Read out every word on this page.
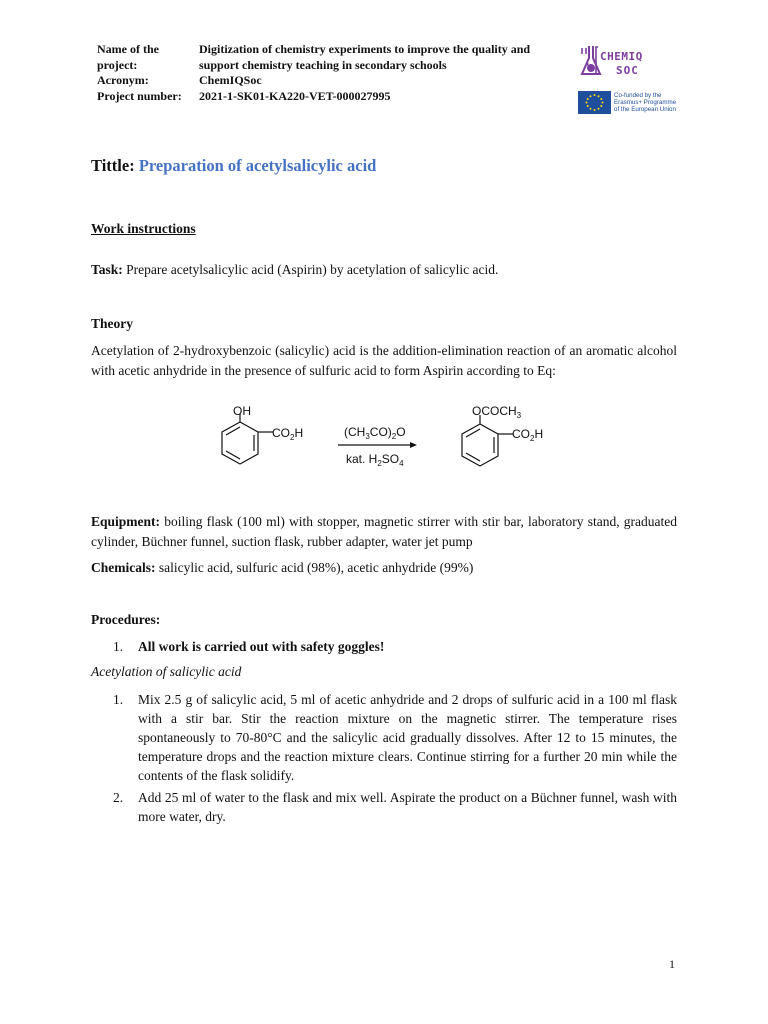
Name of the project:
Digitization of chemistry experiments to improve the quality and support chemistry teaching in secondary schools
Acronym:	ChemIQSoc
Project number:	2021-1-SK01-KA220-VET-000027995
CHEMIQ
SOC
Co-funded by the
Erasmus+ Programme
of the European Union
Tittle: Preparation of acetylsalicylic acid
Work instructions
Task: Prepare acetylsalicylic acid (Aspirin) by acetylation of salicylic acid.
Theory
Acetylation of 2-hydroxybenzoic (salicylic) acid is the addition-elimination reaction of an aromatic alcohol with acetic anhydride in the presence of sulfuric acid to form Aspirin according to Eq:
OH
$CO_2H$	$(CH_3CO)_2O$
kat. $H_2SO_4$
$OCOCH_3$
$CO_2H$
Equipment: boiling flask (100 ml) with stopper, magnetic stirrer with stir bar, laboratory stand, graduated cylinder, Büchner funnel, suction flask, rubber adapter, water jet pump
Chemicals: salicylic acid, sulfuric acid (98%), acetic anhydride (99%)
Procedures:
1. All work is carried out with safety goggles!
Acetylation of salicylic acid
1. Mix 2.5 g of salicylic acid, 5 ml of acetic anhydride and 2 drops of sulfuric acid in a 100 ml flask with a stir bar. Stir the reaction mixture on the magnetic stirrer. The temperature rises spontaneously to 70-80°C and the salicylic acid gradually dissolves. After 12 to 15 minutes, the temperature drops and the reaction mixture clears. Continue stirring for a further 20 min while the contents of the flask solidify.
2. Add 25 ml of water to the flask and mix well. Aspirate the product on a Büchner funnel, wash with more water, dry.
1
